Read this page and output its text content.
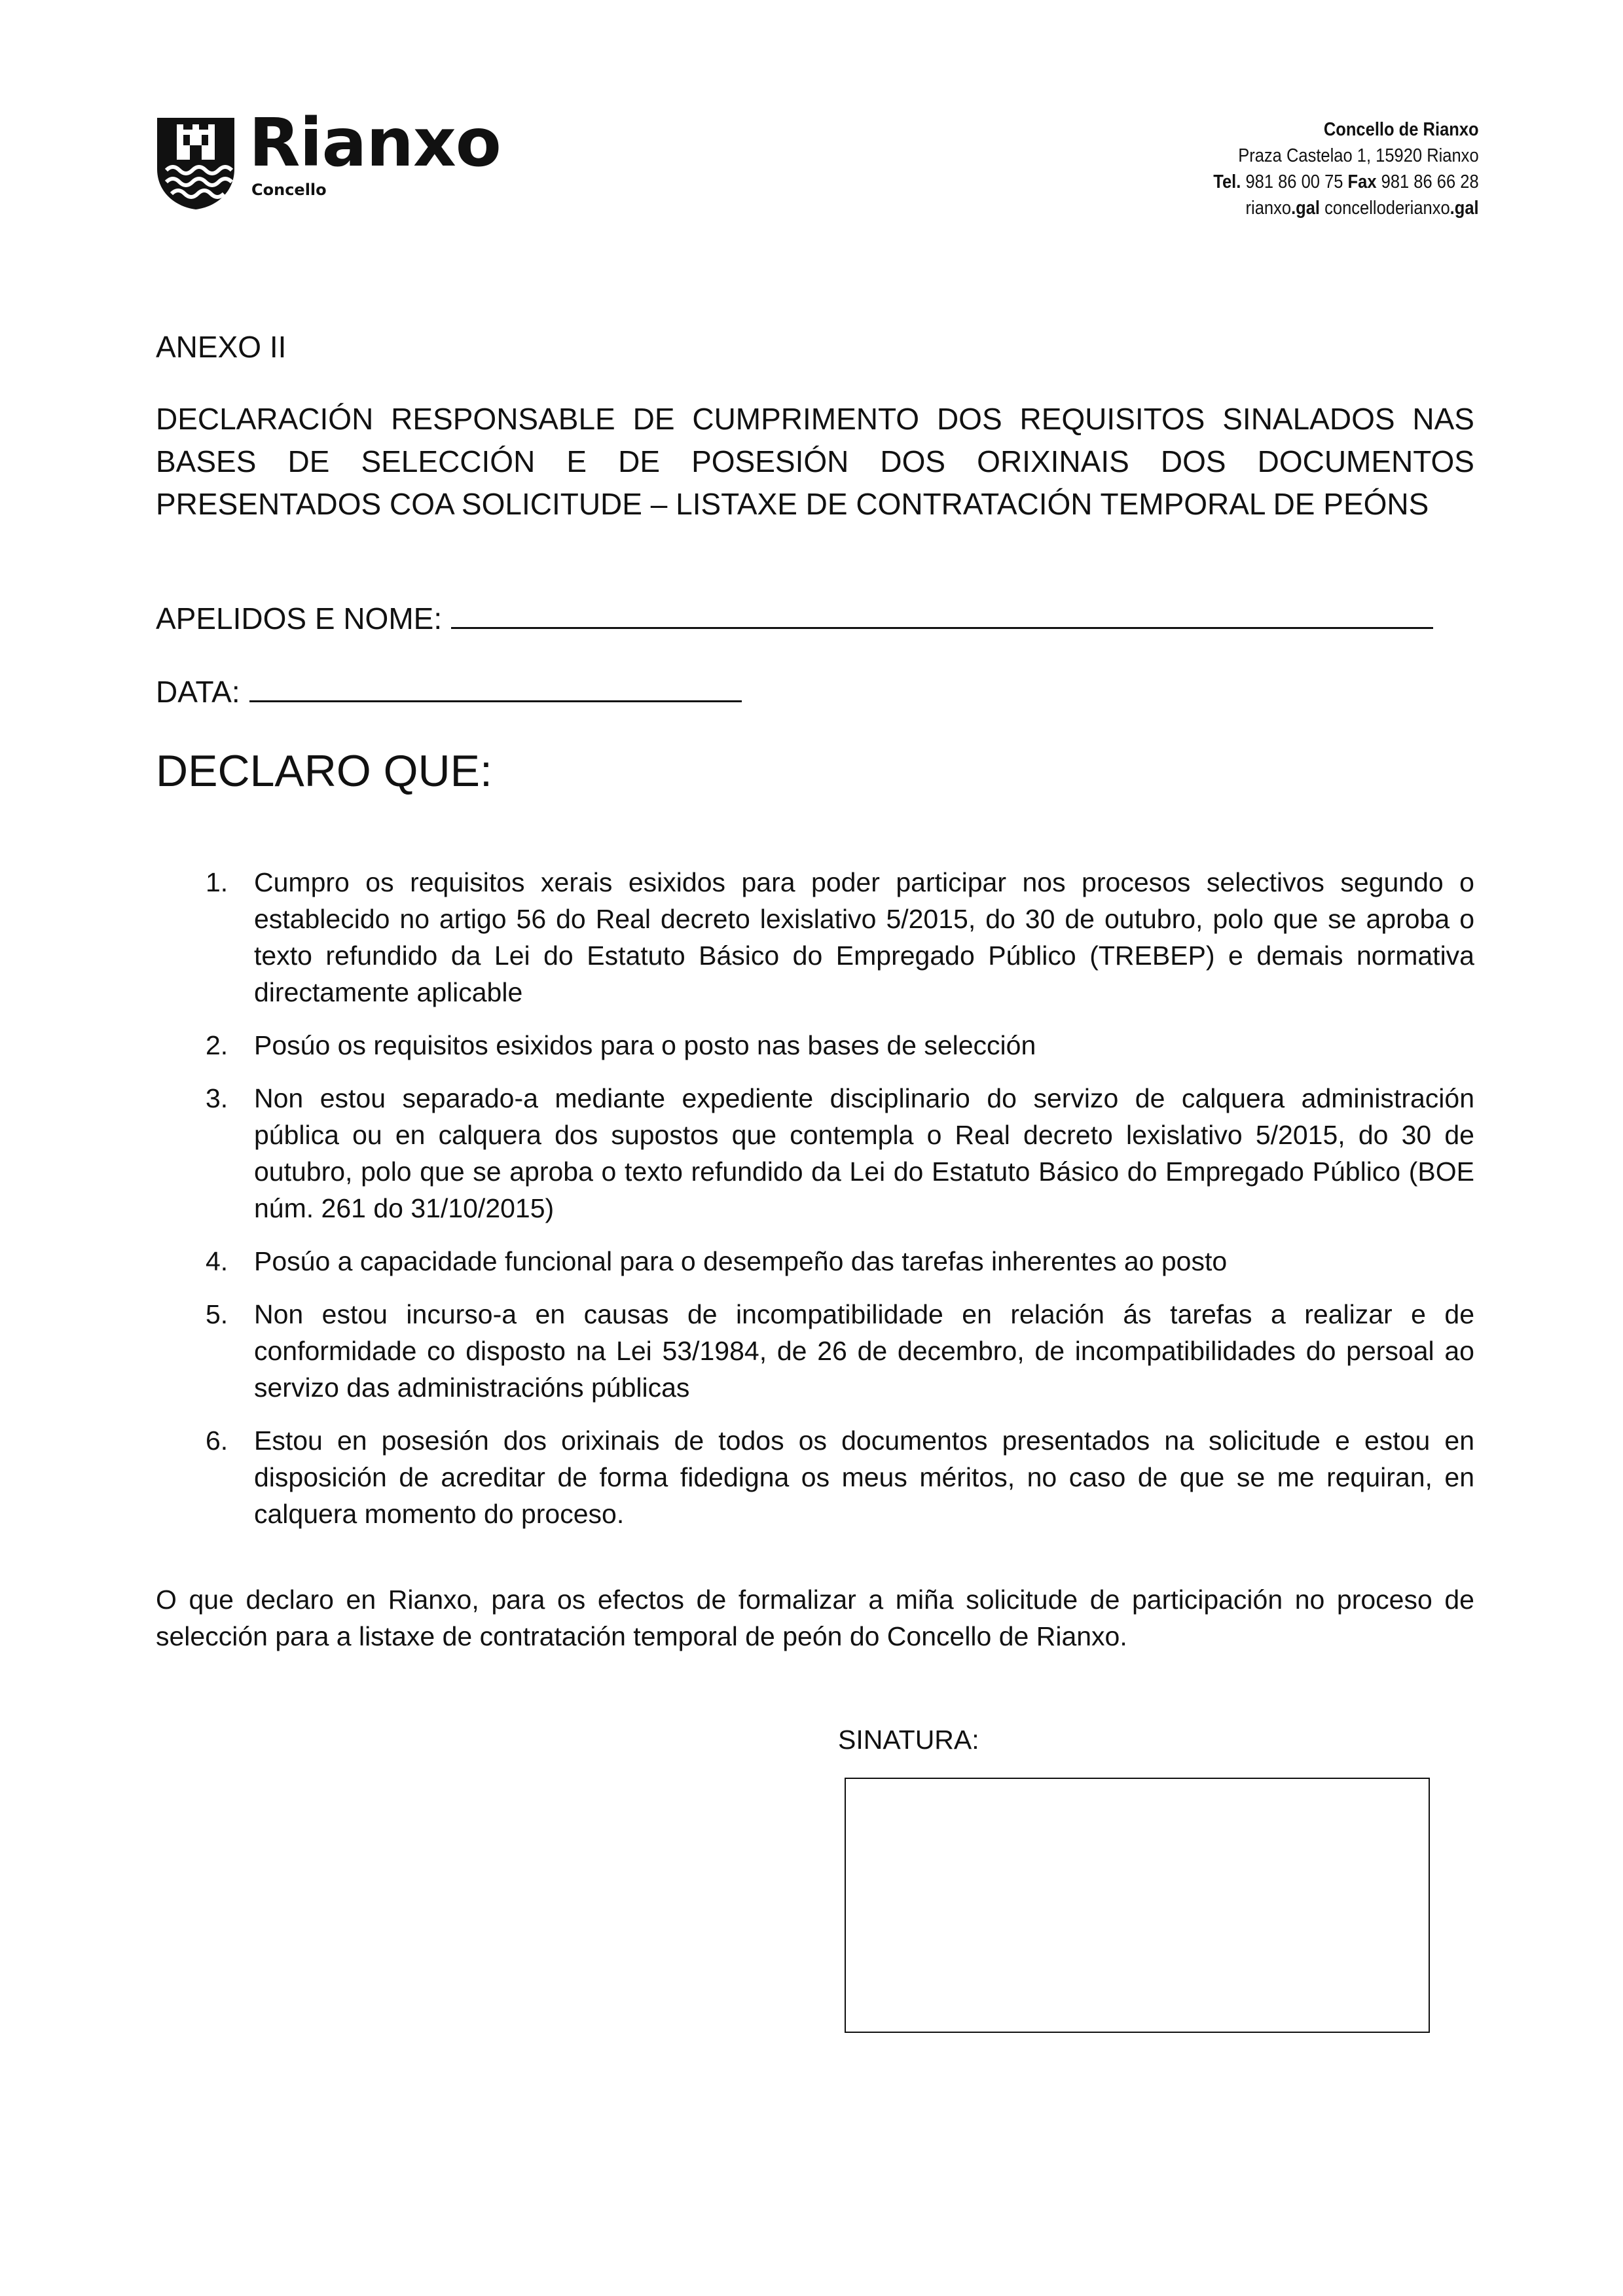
Rianxo
Concello
Concello de Rianxo
Praza Castelao 1, 15920 Rianxo
Tel. 981 86 00 75 Fax 981 86 66 28
rianxo.gal concelloderianxo.gal
ANEXO II
DECLARACIÓN RESPONSABLE DE CUMPRIMENTO DOS REQUISITOS SINALADOS NAS BASES DE SELECCIÓN E DE POSESIÓN DOS ORIXINAIS DOS DOCUMENTOS PRESENTADOS COA SOLICITUDE – LISTAXE DE CONTRATACIÓN TEMPORAL DE PEÓNS
APELIDOS E NOME:
DATA:
DECLARO QUE:
1. Cumpro os requisitos xerais esixidos para poder participar nos procesos selectivos segundo o establecido no artigo 56 do Real decreto lexislativo 5/2015, do 30 de outubro, polo que se aproba o texto refundido da Lei do Estatuto Básico do Empregado Público (TREBEP) e demais normativa directamente aplicable
2. Posúo os requisitos esixidos para o posto nas bases de selección
3. Non estou separado-a mediante expediente disciplinario do servizo de calquera administración pública ou en calquera dos supostos que contempla o Real decreto lexislativo 5/2015, do 30 de outubro, polo que se aproba o texto refundido da Lei do Estatuto Básico do Empregado Público (BOE núm. 261 do 31/10/2015)
4. Posúo a capacidade funcional para o desempeño das tarefas inherentes ao posto
5. Non estou incurso-a en causas de incompatibilidade en relación ás tarefas a realizar e de conformidade co disposto na Lei 53/1984, de 26 de decembro, de incompatibilidades do persoal ao servizo das administracións públicas
6. Estou en posesión dos orixinais de todos os documentos presentados na solicitude e estou en disposición de acreditar de forma fidedigna os meus méritos, no caso de que se me requiran, en calquera momento do proceso.
O que declaro en Rianxo, para os efectos de formalizar a miña solicitude de participación no proceso de selección para a listaxe de contratación temporal de peón do Concello de Rianxo.
SINATURA:
